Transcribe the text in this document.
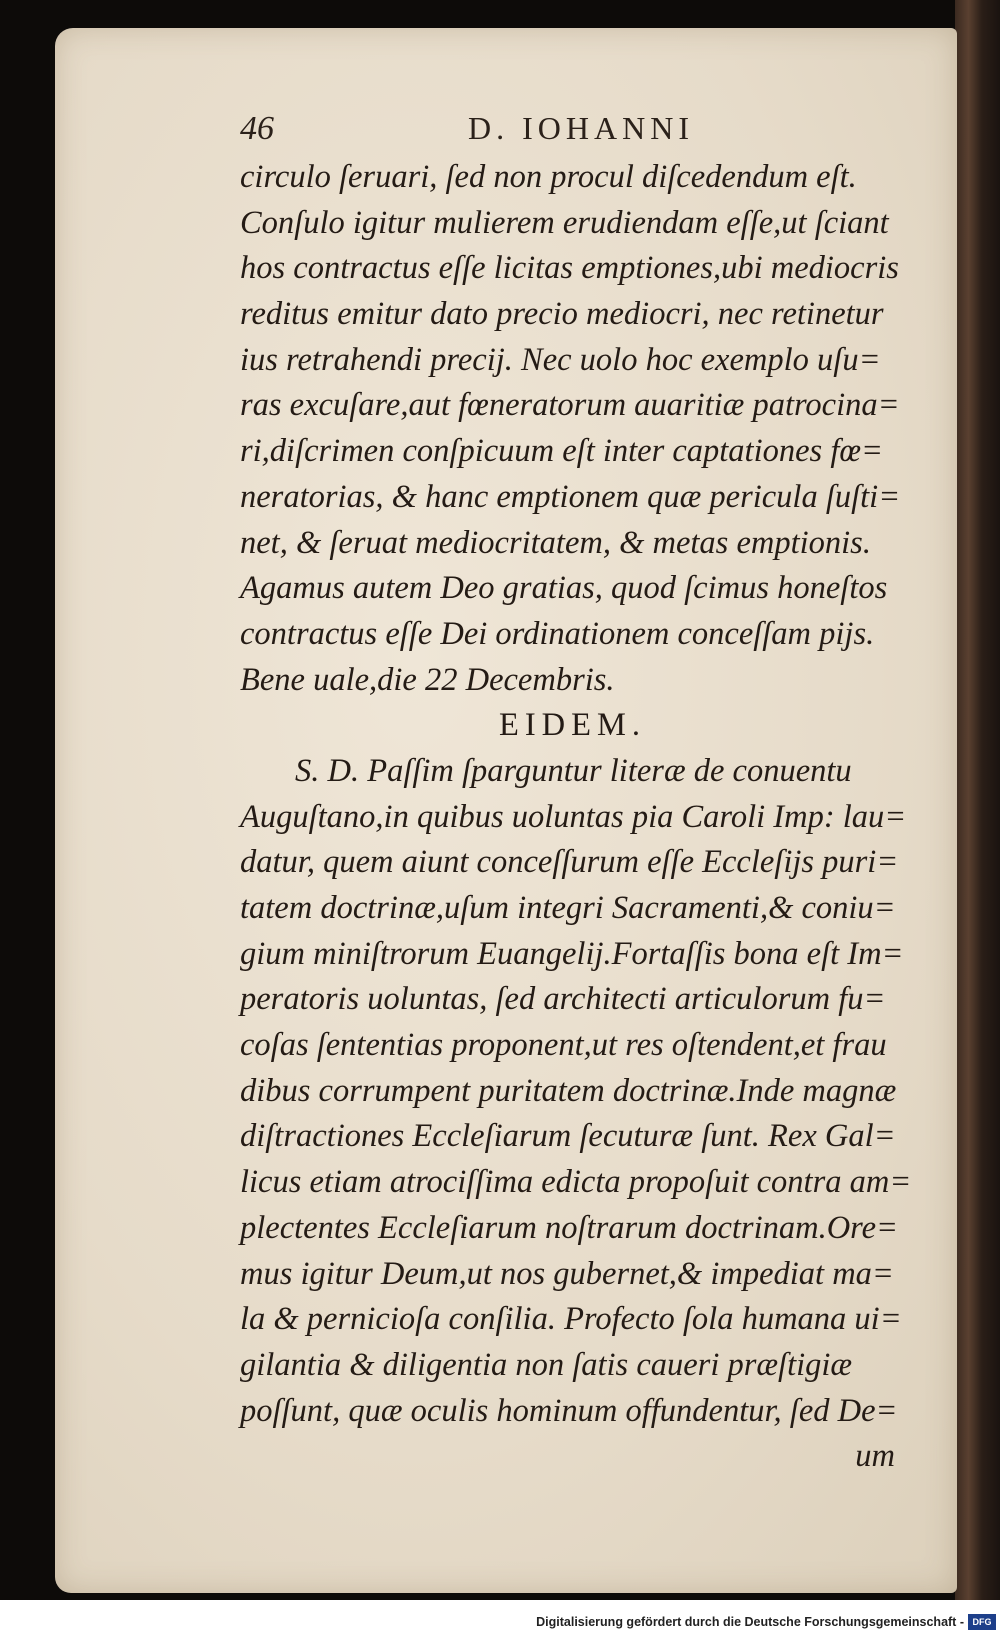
46	D. IOHANNI
circulo ſeruari, ſed non procul diſcedendum eſt.
Conſulo igitur mulierem erudiendam eſſe,ut ſciant
hos contractus eſſe licitas emptiones,ubi mediocris
reditus emitur dato precio mediocri, nec retinetur
ius retrahendi precij. Nec uolo hoc exemplo uſu=
ras excuſare,aut fœneratorum auaritiæ patrocina=
ri,diſcrimen conſpicuum eſt inter captationes fœ=
neratorias, & hanc emptionem quæ pericula ſuſti=
net, & ſeruat mediocritatem, & metas emptionis.
Agamus autem Deo gratias, quod ſcimus honeſtos
contractus eſſe Dei ordinationem conceſſam pijs.
Bene uale,die 22 Decembris.
EIDEM.
S. D. Paſſim ſparguntur literæ de conuentu
Auguſtano,in quibus uoluntas pia Caroli Imp: lau=
datur, quem aiunt conceſſurum eſſe Eccleſijs puri=
tatem doctrinæ,uſum integri Sacramenti,& coniu=
gium miniſtrorum Euangelij.Fortaſſis bona eſt Im=
peratoris uoluntas, ſed architecti articulorum fu=
coſas ſententias proponent,ut res oſtendent,et frau
dibus corrumpent puritatem doctrinæ.Inde magnæ
diſtractiones Eccleſiarum ſecuturæ ſunt. Rex Gal=
licus etiam atrociſſima edicta propoſuit contra am=
plectentes Eccleſiarum noſtrarum doctrinam.Ore=
mus igitur Deum,ut nos gubernet,& impediat ma=
la & pernicioſa conſilia. Profecto ſola humana ui=
gilantia & diligentia non ſatis caueri præſtigiæ
poſſunt, quæ oculis hominum offundentur, ſed De=
um
Digitalisierung gefördert durch die Deutsche Forschungsgemeinschaft - DFG
